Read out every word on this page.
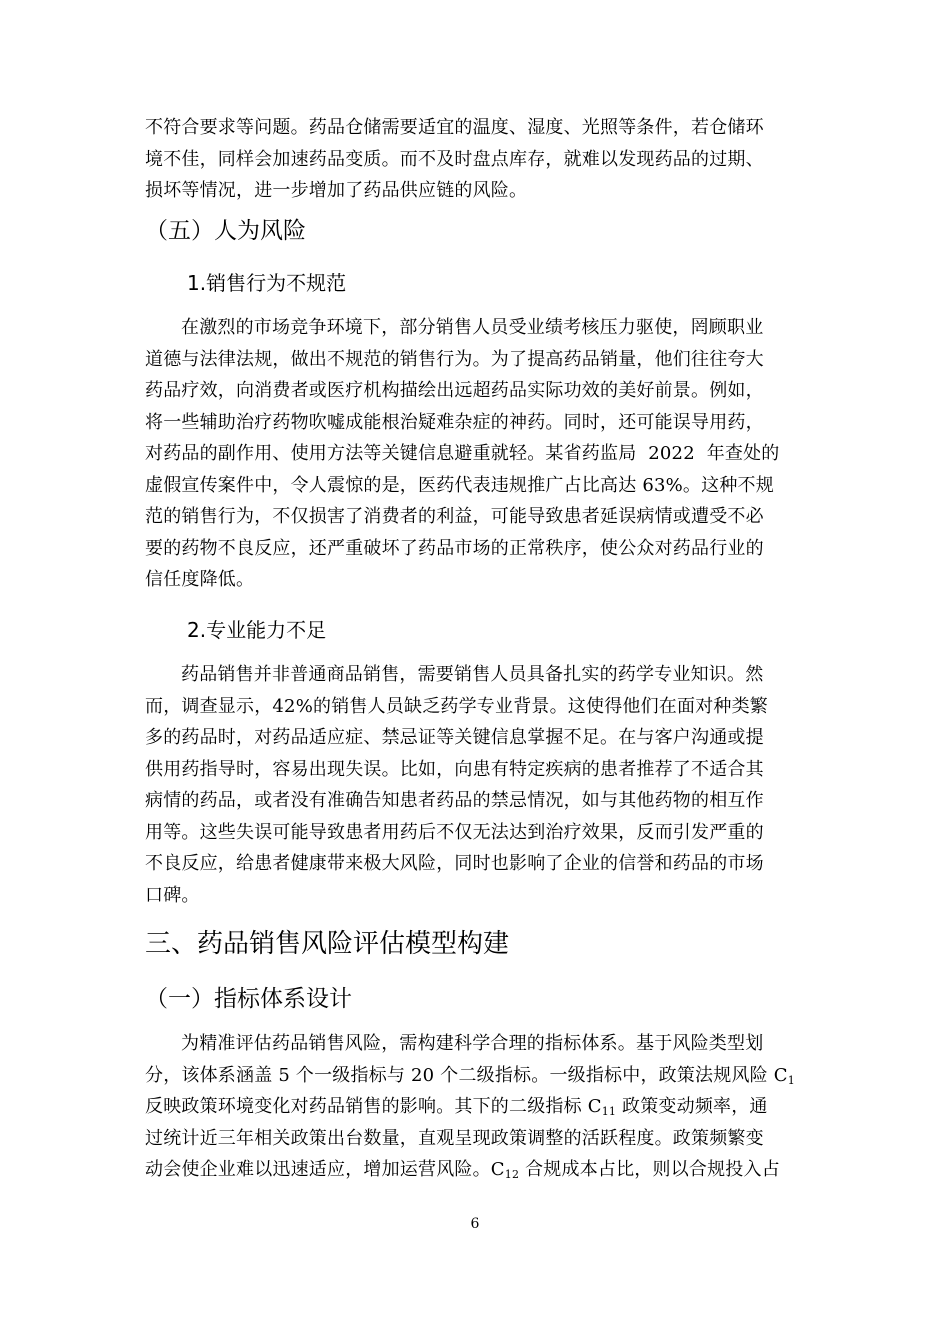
不符合要求等问题。药品仓储需要适宜的温度、湿度、光照等条件，若仓储环
境不佳，同样会加速药品变质。而不及时盘点库存，就难以发现药品的过期、
损坏等情况，进一步增加了药品供应链的风险。
（五）人为风险
1.销售行为不规范
在激烈的市场竞争环境下，部分销售人员受业绩考核压力驱使，罔顾职业
道德与法律法规，做出不规范的销售行为。为了提高药品销量，他们往往夸大
药品疗效，向消费者或医疗机构描绘出远超药品实际功效的美好前景。例如，
将一些辅助治疗药物吹嘘成能根治疑难杂症的神药。同时，还可能误导用药，
对药品的副作用、使用方法等关键信息避重就轻。某省药监局  2022  年查处的
虚假宣传案件中，令人震惊的是，医药代表违规推广占比高达 63%。这种不规
范的销售行为，不仅损害了消费者的利益，可能导致患者延误病情或遭受不必
要的药物不良反应，还严重破坏了药品市场的正常秩序，使公众对药品行业的
信任度降低。
2.专业能力不足
药品销售并非普通商品销售，需要销售人员具备扎实的药学专业知识。然
而，调查显示，42%的销售人员缺乏药学专业背景。这使得他们在面对种类繁
多的药品时，对药品适应症、禁忌证等关键信息掌握不足。在与客户沟通或提
供用药指导时，容易出现失误。比如，向患有特定疾病的患者推荐了不适合其
病情的药品，或者没有准确告知患者药品的禁忌情况，如与其他药物的相互作
用等。这些失误可能导致患者用药后不仅无法达到治疗效果，反而引发严重的
不良反应，给患者健康带来极大风险，同时也影响了企业的信誉和药品的市场
口碑。
三、药品销售风险评估模型构建
（一）指标体系设计
为精准评估药品销售风险，需构建科学合理的指标体系。基于风险类型划
分，该体系涵盖 5 个一级指标与 20 个二级指标。一级指标中，政策法规风险 $C_1$
反映政策环境变化对药品销售的影响。其下的二级指标 $C_{11}$ 政策变动频率，通
过统计近三年相关政策出台数量，直观呈现政策调整的活跃程度。政策频繁变
动会使企业难以迅速适应，增加运营风险。$C_{12}$ 合规成本占比，则以合规投入占
6
